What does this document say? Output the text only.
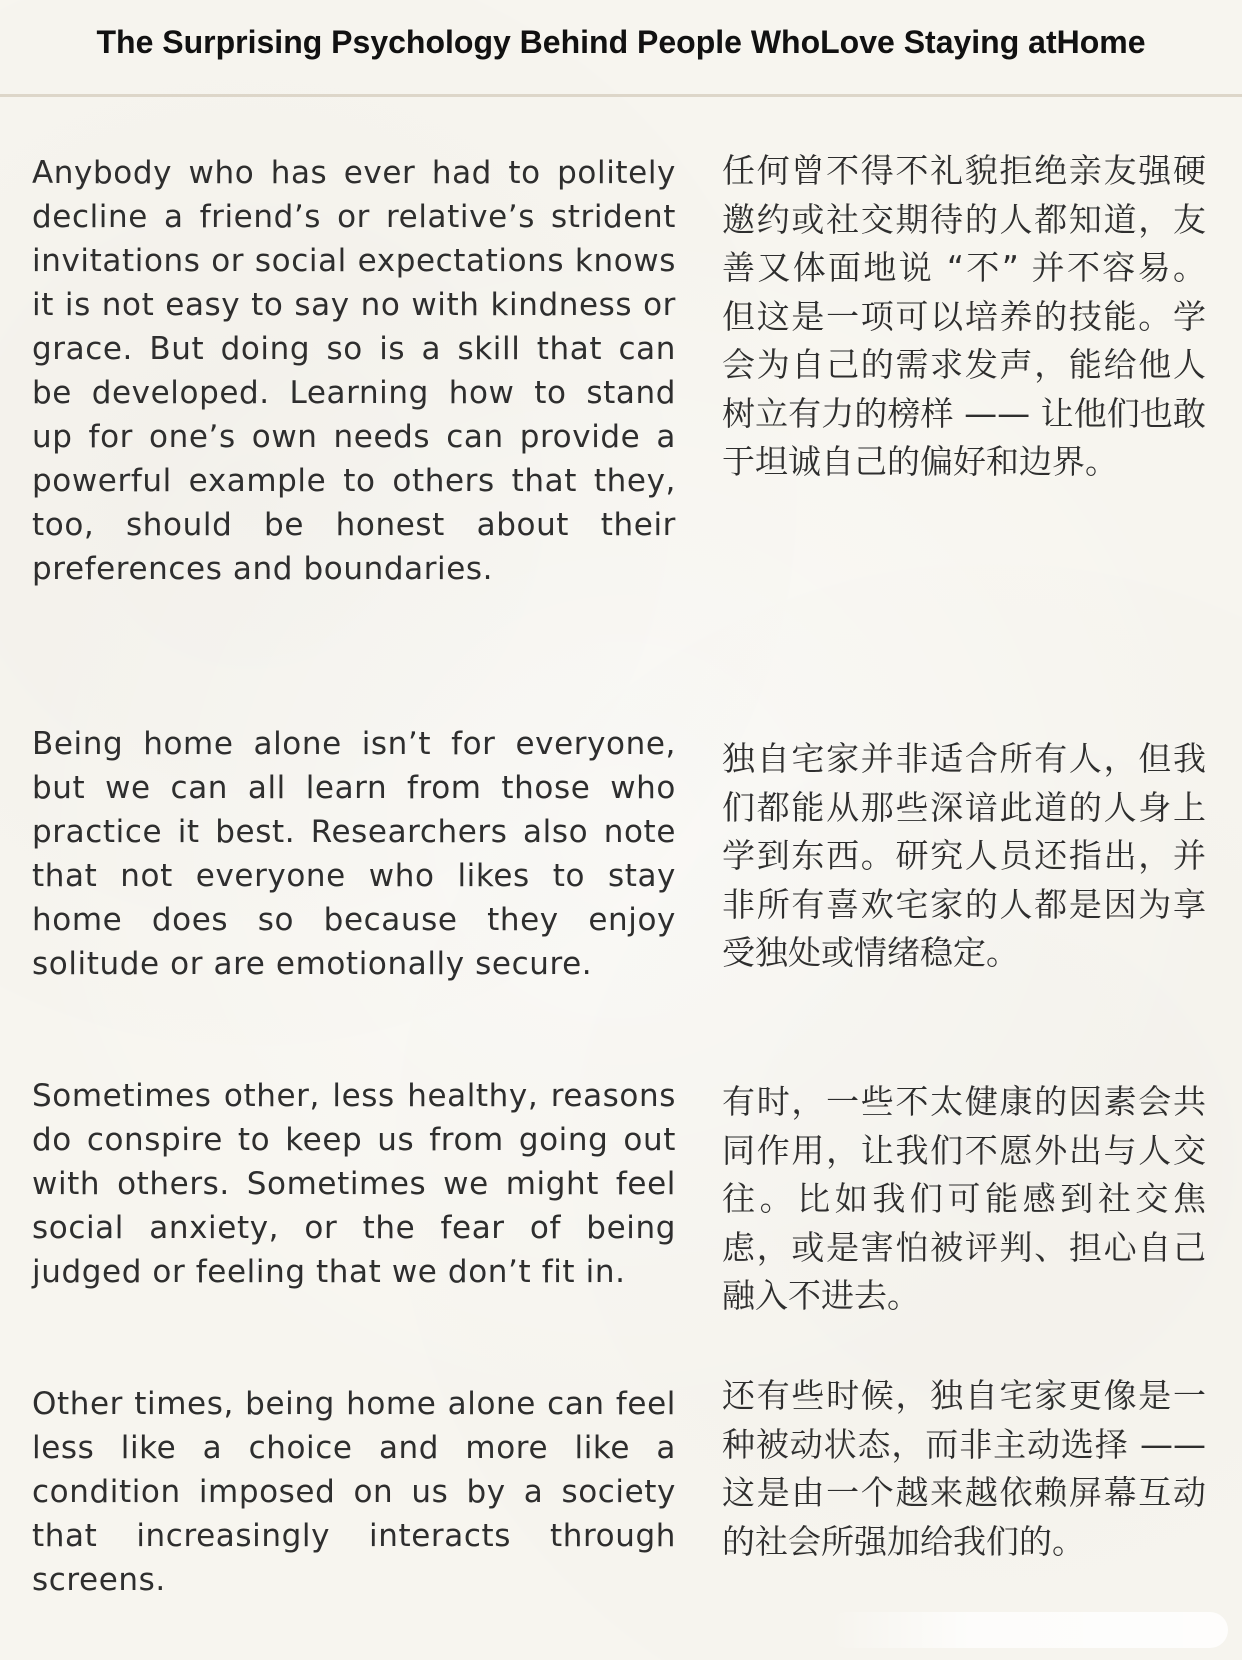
The Surprising Psychology Behind People WhoLove Staying atHome

Anybody who has ever had to politely decline a friend’s or relative’s strident invitations or social expectations knows it is not easy to say no with kindness or grace. But doing so is a skill that can be developed. Learning how to stand up for one’s own needs can provide a powerful example to others that they, too, should be honest about their preferences and boundaries.

任何曾不得不礼貌拒绝亲友强硬邀约或社交期待的人都知道，友善又体面地说 “不” 并不容易。但这是一项可以培养的技能。学会为自己的需求发声，能给他人树立有力的榜样 —— 让他们也敢于坦诚自己的偏好和边界。

Being home alone isn’t for everyone, but we can all learn from those who practice it best. Researchers also note that not everyone who likes to stay home does so because they enjoy solitude or are emotionally secure.

独自宅家并非适合所有人，但我们都能从那些深谙此道的人身上学到东西。研究人员还指出，并非所有喜欢宅家的人都是因为享受独处或情绪稳定。

Sometimes other, less healthy, reasons do conspire to keep us from going out with others. Sometimes we might feel social anxiety, or the fear of being judged or feeling that we don’t fit in.

有时，一些不太健康的因素会共同作用，让我们不愿外出与人交往。比如我们可能感到社交焦虑，或是害怕被评判、担心自己融入不进去。

Other times, being home alone can feel less like a choice and more like a condition imposed on us by a society that increasingly interacts through screens.

还有些时候，独自宅家更像是一种被动状态，而非主动选择 —— 这是由一个越来越依赖屏幕互动的社会所强加给我们的。
